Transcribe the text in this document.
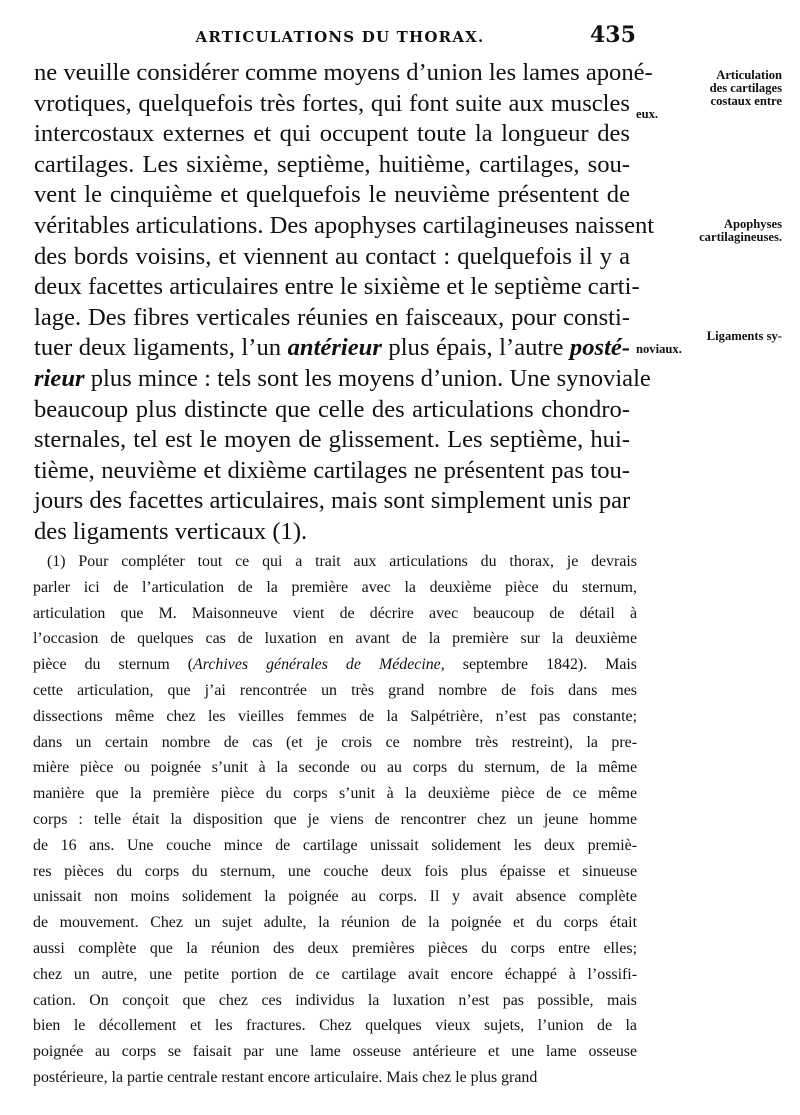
ARTICULATIONS DU THORAX.	435
ne veuille considérer comme moyens d’union les lames aponé-
vrotiques, quelquefois très fortes, qui font suite aux muscles
intercostaux externes et qui occupent toute la longueur des
cartilages. Les sixième, septième, huitième, cartilages, sou-
vent le cinquième et quelquefois le neuvième présentent de
véritables articulations. Des apophyses cartilagineuses naissent
des bords voisins, et viennent au contact : quelquefois il y a
deux facettes articulaires entre le sixième et le septième carti-
lage. Des fibres verticales réunies en faisceaux, pour consti-
tuer deux ligaments, l’un antérieur plus épais, l’autre posté-
rieur plus mince : tels sont les moyens d’union. Une synoviale
beaucoup plus distincte que celle des articulations chondro-
sternales, tel est le moyen de glissement. Les septième, hui-
tième, neuvième et dixième cartilages ne présentent pas tou-
jours des facettes articulaires, mais sont simplement unis par
des ligaments verticaux (1).
(1) Pour compléter tout ce qui a trait aux articulations du thorax, je devrais
parler ici de l’articulation de la première avec la deuxième pièce du sternum,
articulation que M. Maisonneuve vient de décrire avec beaucoup de détail à
l’occasion de quelques cas de luxation en avant de la première sur la deuxième
pièce du sternum (Archives générales de Médecine, septembre 1842). Mais
cette articulation, que j’ai rencontrée un très grand nombre de fois dans mes
dissections même chez les vieilles femmes de la Salpétrière, n’est pas constante;
dans un certain nombre de cas (et je crois ce nombre très restreint), la pre-
mière pièce ou poignée s’unit à la seconde ou au corps du sternum, de la même
manière que la première pièce du corps s’unit à la deuxième pièce de ce même
corps : telle était la disposition que je viens de rencontrer chez un jeune homme
de 16 ans. Une couche mince de cartilage unissait solidement les deux premiè-
res pièces du corps du sternum, une couche deux fois plus épaisse et sinueuse
unissait non moins solidement la poignée au corps. Il y avait absence complète
de mouvement. Chez un sujet adulte, la réunion de la poignée et du corps était
aussi complète que la réunion des deux premières pièces du corps entre elles;
chez un autre, une petite portion de ce cartilage avait encore échappé à l’ossifi-
cation. On conçoit que chez ces individus la luxation n’est pas possible, mais
bien le décollement et les fractures. Chez quelques vieux sujets, l’union de la
poignée au corps se faisait par une lame osseuse antérieure et une lame osseuse
postérieure, la partie centrale restant encore articulaire. Mais chez le plus grand
Articulation
des cartilages
costaux entre
eux.
Apophyses
cartilagineuses.
Ligaments sy-
noviaux.
